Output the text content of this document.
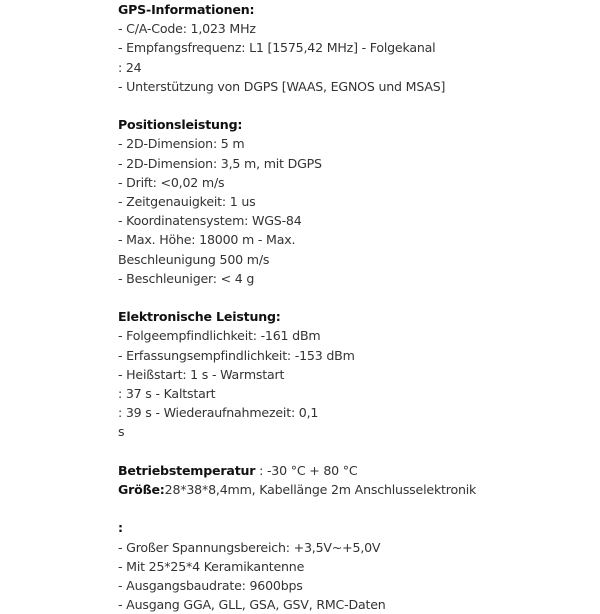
GPS-Informationen:
- C/A-Code: 1,023 MHz
- Empfangsfrequenz: L1 [1575,42 MHz] - Folgekanal
: 24
- Unterstützung von DGPS [WAAS, EGNOS und MSAS]
Positionsleistung:
- 2D-Dimension: 5 m
- 2D-Dimension: 3,5 m, mit DGPS
- Drift: <0,02 m/s
- Zeitgenauigkeit: 1 us
- Koordinatensystem: WGS-84
- Max. Höhe: 18000 m - Max.
Beschleunigung 500 m/s
- Beschleuniger: < 4 g
Elektronische Leistung:
- Folgeempfindlichkeit: -161 dBm
- Erfassungsempfindlichkeit: -153 dBm
- Heißstart: 1 s - Warmstart
: 37 s - Kaltstart
: 39 s - Wiederaufnahmezeit: 0,1
s
Betriebstemperatur : -30 °C + 80 °C
Größe:28*38*8,4mm, Kabellänge 2m Anschlusselektronik
:
- Großer Spannungsbereich: +3,5V~+5,0V
- Mit 25*25*4 Keramikantenne
- Ausgangsbaudrate: 9600bps
- Ausgang GGA, GLL, GSA, GSV, RMC-Daten
